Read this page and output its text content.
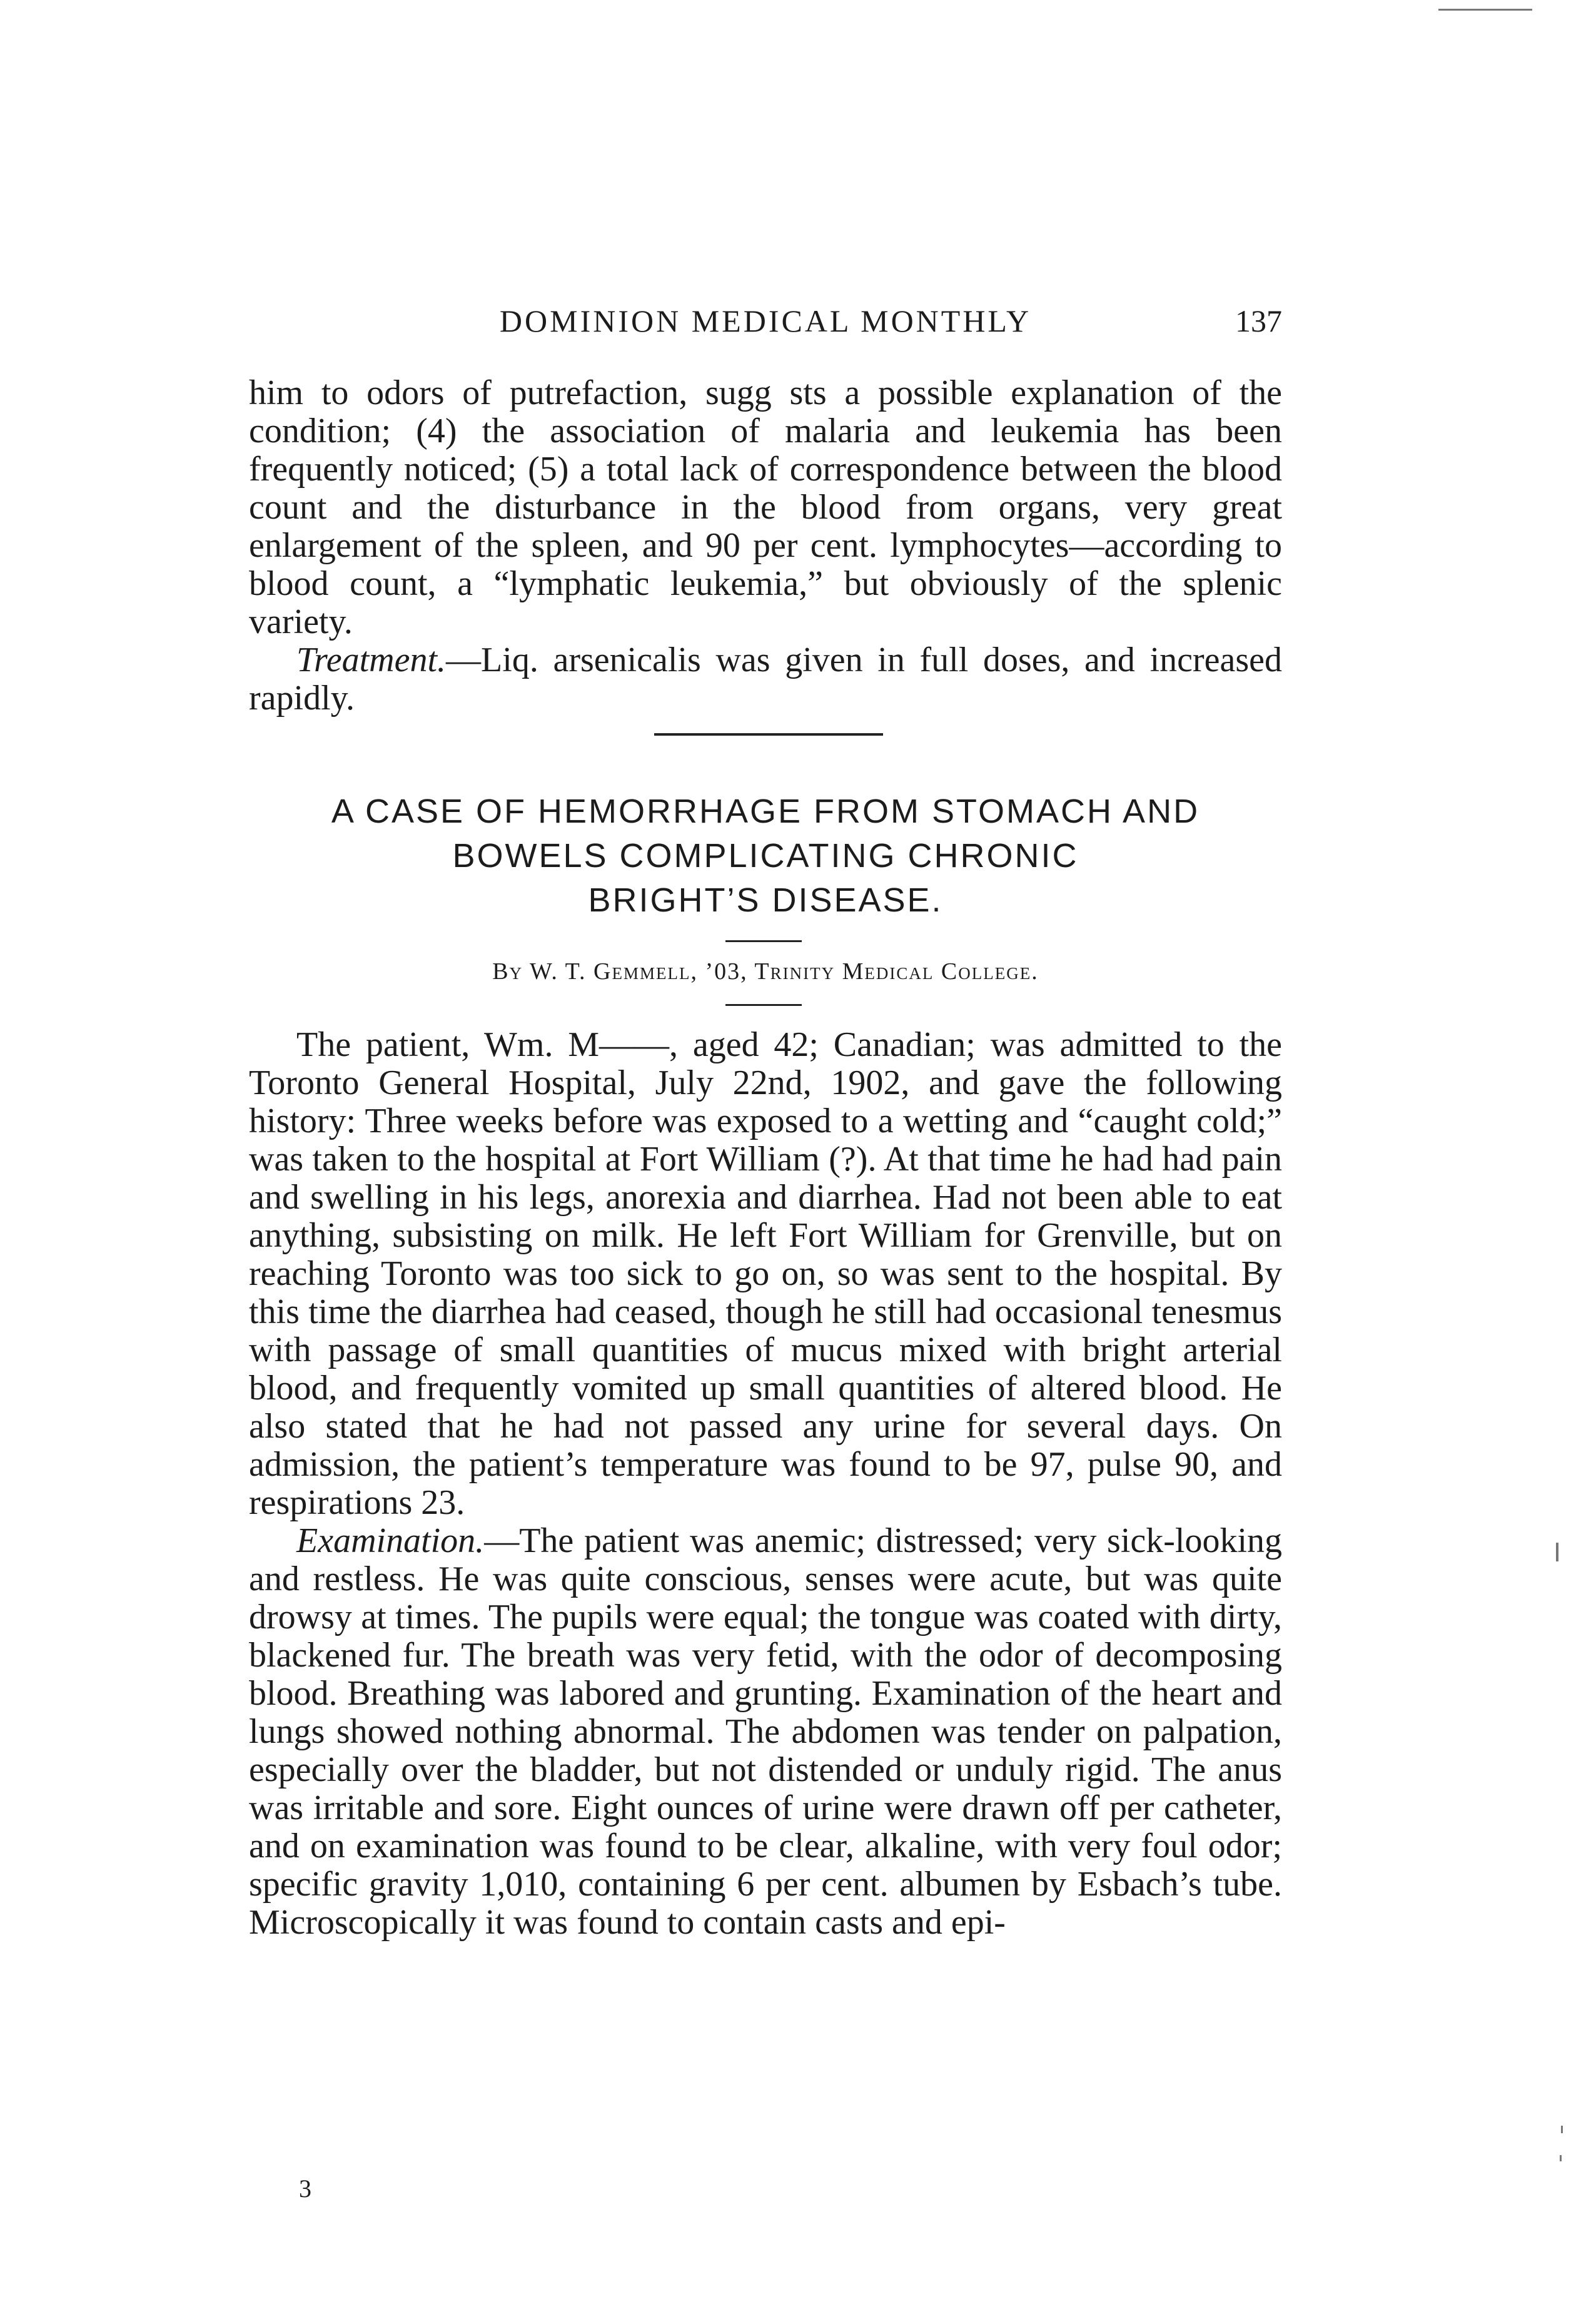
DOMINION MEDICAL MONTHLY	137

him to odors of putrefaction, sugg sts a possible explanation of the condition; (4) the association of malaria and leukemia has been frequently noticed; (5) a total lack of correspondence between the blood count and the disturbance in the blood from organs, very great enlargement of the spleen, and 90 per cent. lymphocytes—according to blood count, a “lymphatic leukemia,” but obviously of the splenic variety.

Treatment.—Liq. arsenicalis was given in full doses, and increased rapidly.

A CASE OF HEMORRHAGE FROM STOMACH AND
BOWELS COMPLICATING CHRONIC
BRIGHT’S DISEASE.

By W. T. Gemmell, ’03, Trinity Medical College.

The patient, Wm. M——, aged 42; Canadian; was admitted to the Toronto General Hospital, July 22nd, 1902, and gave the following history: Three weeks before was exposed to a wetting and “caught cold;” was taken to the hospital at Fort William (?). At that time he had had pain and swelling in his legs, anorexia and diarrhea. Had not been able to eat anything, subsisting on milk. He left Fort William for Grenville, but on reaching Toronto was too sick to go on, so was sent to the hospital. By this time the diarrhea had ceased, though he still had occasional tenesmus with passage of small quantities of mucus mixed with bright arterial blood, and frequently vomited up small quantities of altered blood. He also stated that he had not passed any urine for several days. On admission, the patient’s temperature was found to be 97, pulse 90, and respirations 23.

Examination.—The patient was anemic; distressed; very sick-looking and restless. He was quite conscious, senses were acute, but was quite drowsy at times. The pupils were equal; the tongue was coated with dirty, blackened fur. The breath was very fetid, with the odor of decomposing blood. Breathing was labored and grunting. Examination of the heart and lungs showed nothing abnormal. The abdomen was tender on palpation, especially over the bladder, but not distended or unduly rigid. The anus was irritable and sore. Eight ounces of urine were drawn off per catheter, and on examination was found to be clear, alkaline, with very foul odor; specific gravity 1,010, containing 6 per cent. albumen by Esbach’s tube. Microscopically it was found to contain casts and epi-

3
